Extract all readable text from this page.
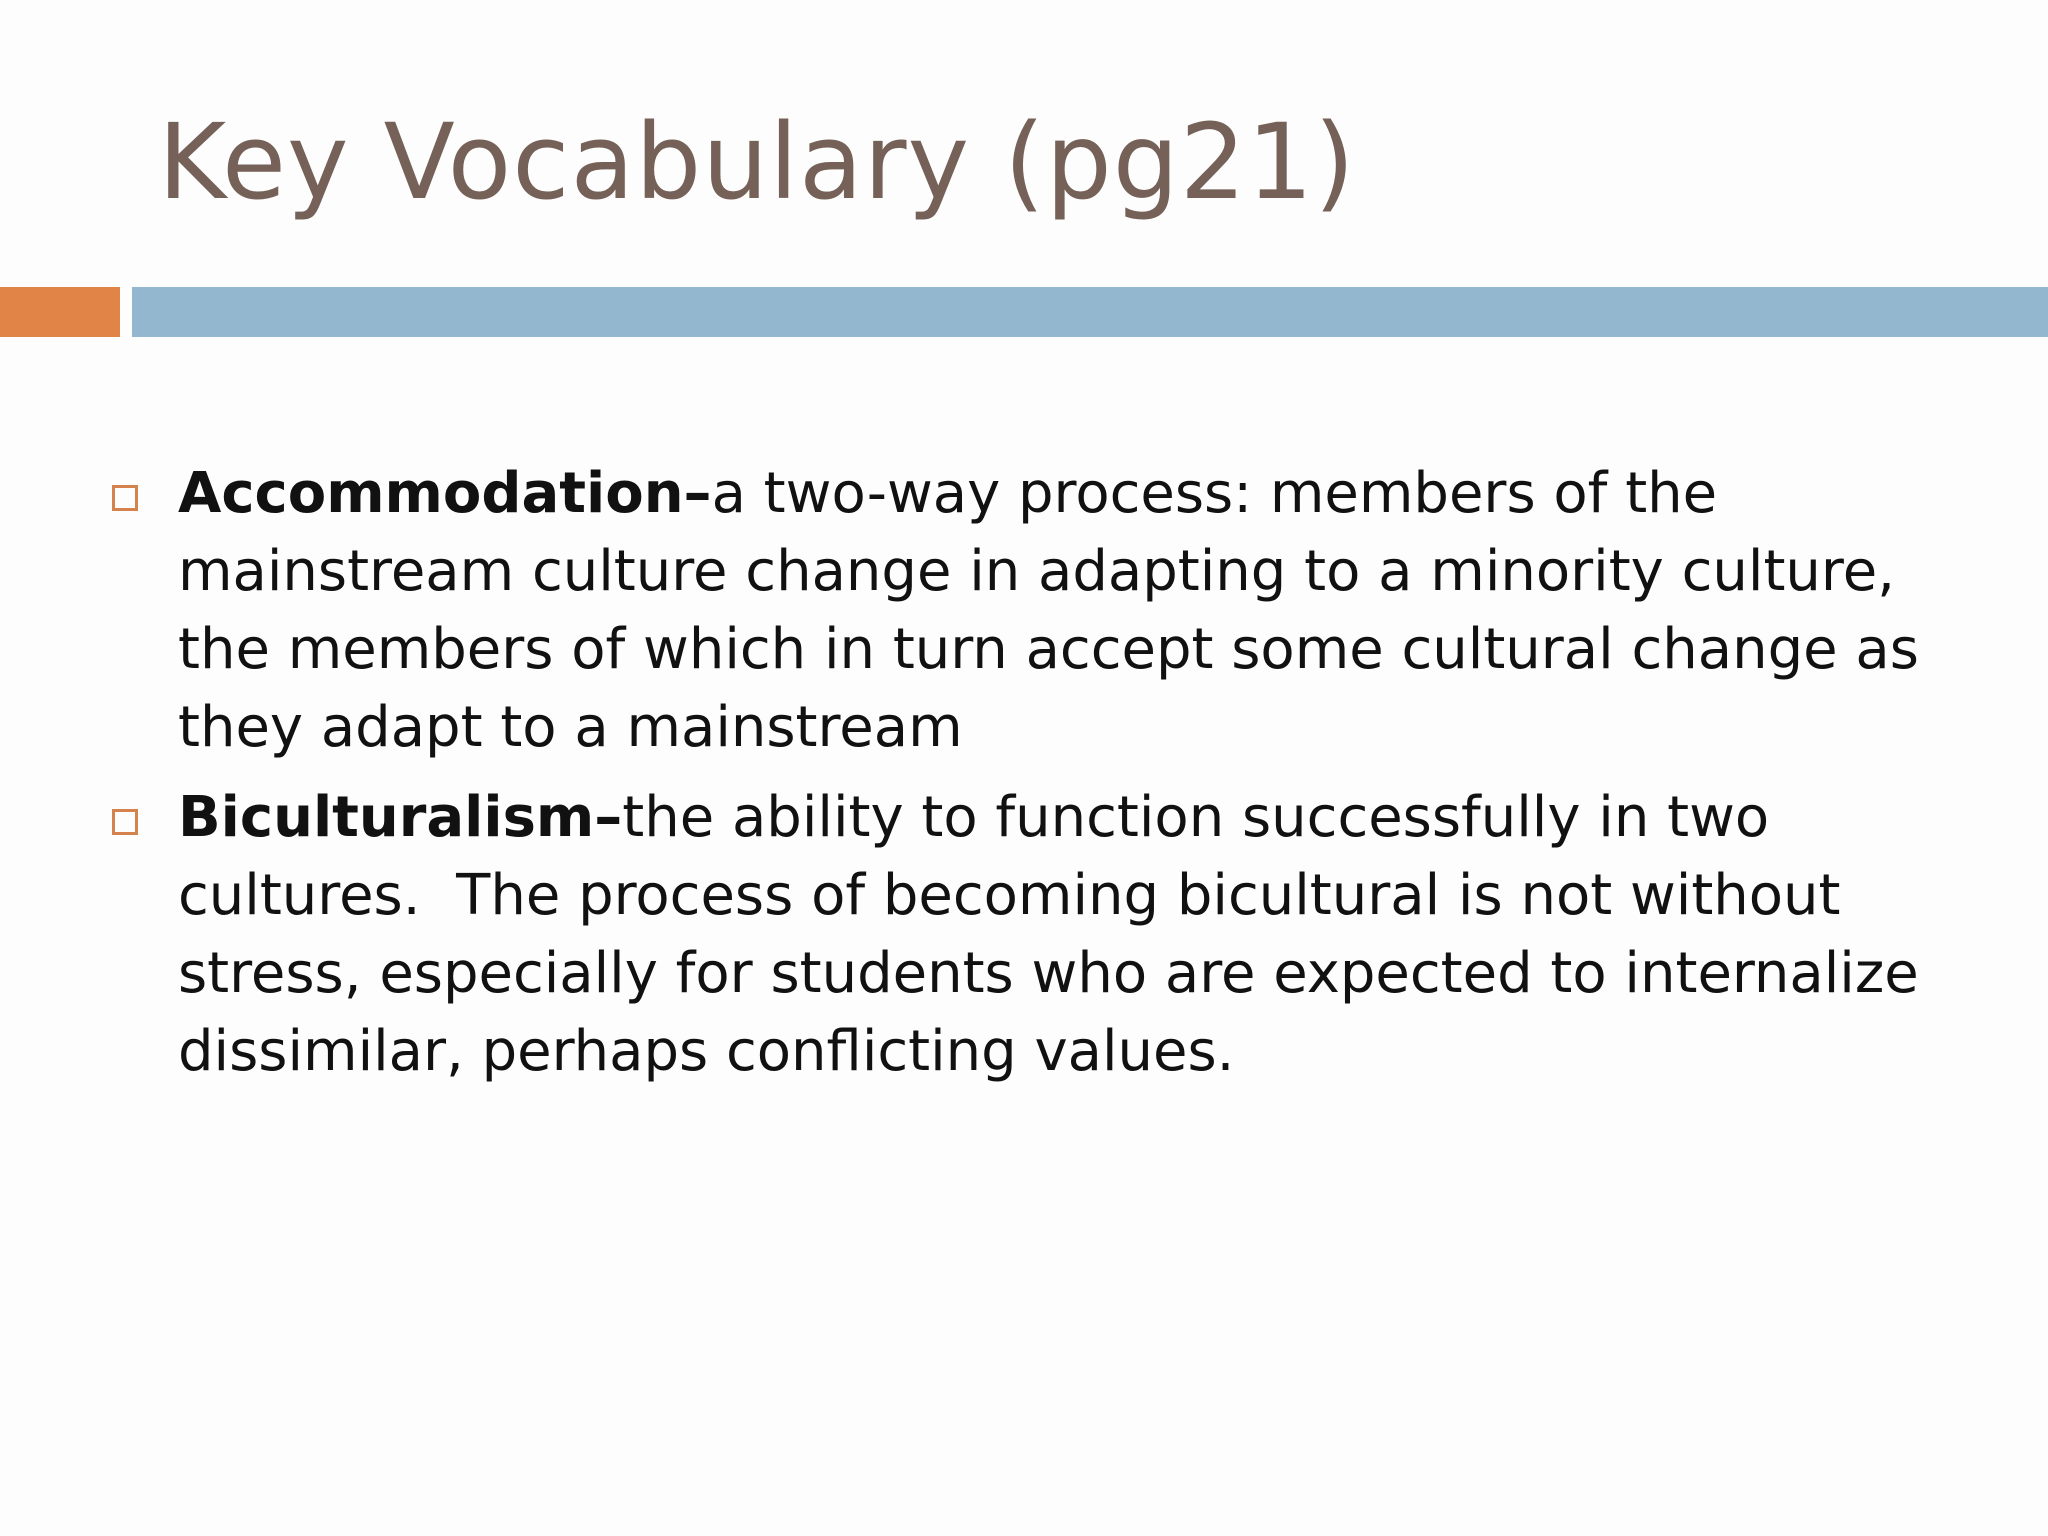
Key Vocabulary (pg21)
Accommodation–a two-way process: members of the mainstream culture change in adapting to a minority culture, the members of which in turn accept some cultural change as they adapt to a mainstream
Biculturalism–the ability to function successfully in two cultures.  The process of becoming bicultural is not without stress, especially for students who are expected to internalize dissimilar, perhaps conflicting values.
